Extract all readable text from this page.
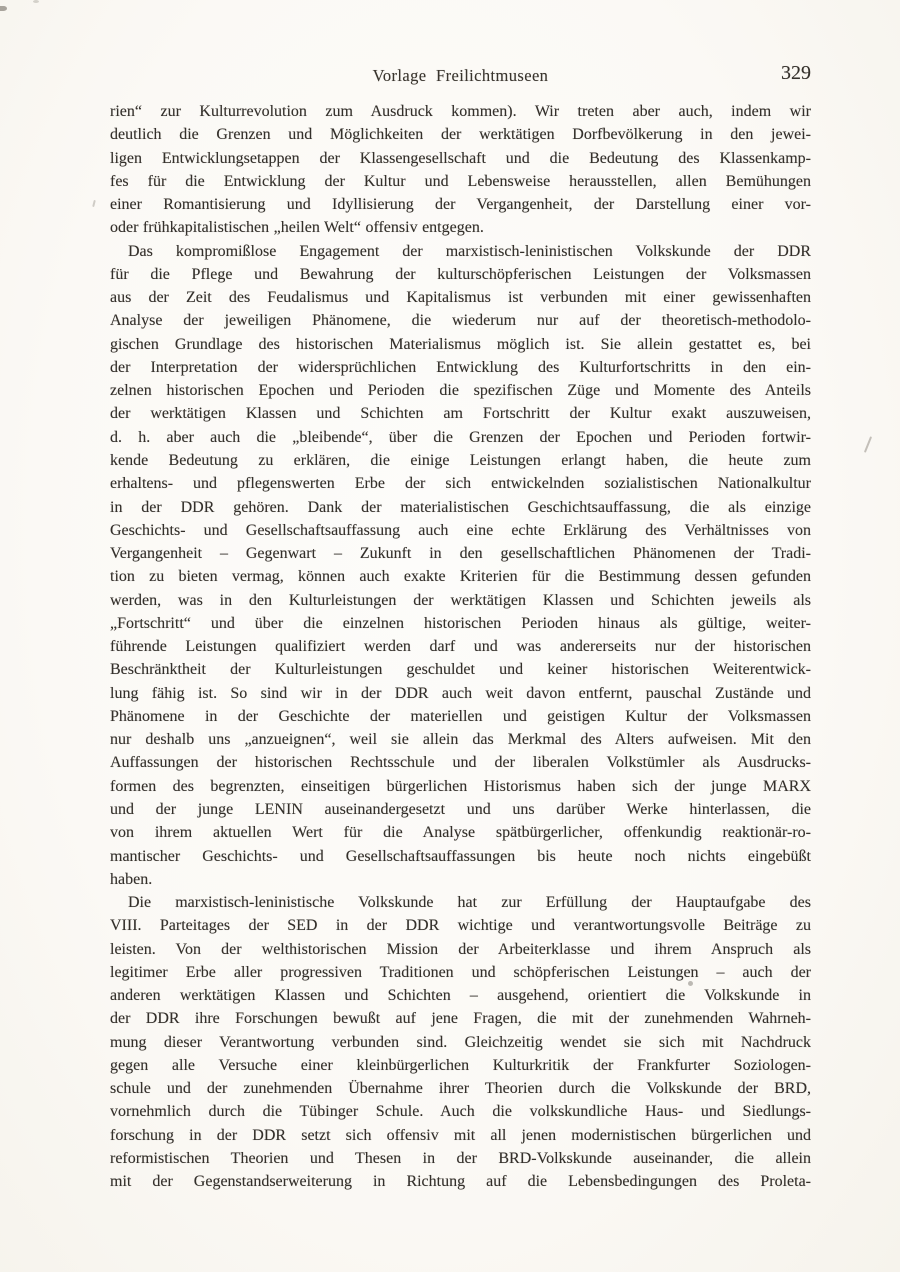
Vorlage Freilichtmuseen	329
rien“ zur Kulturrevolution zum Ausdruck kommen). Wir treten aber auch, indem wir
deutlich die Grenzen und Möglichkeiten der werktätigen Dorfbevölkerung in den jewei-
ligen Entwicklungsetappen der Klassengesellschaft und die Bedeutung des Klassenkamp-
fes für die Entwicklung der Kultur und Lebensweise herausstellen, allen Bemühungen
einer Romantisierung und Idyllisierung der Vergangenheit, der Darstellung einer vor-
oder frühkapitalistischen „heilen Welt“ offensiv entgegen.
Das kompromißlose Engagement der marxistisch-leninistischen Volkskunde der DDR
für die Pflege und Bewahrung der kulturschöpferischen Leistungen der Volksmassen
aus der Zeit des Feudalismus und Kapitalismus ist verbunden mit einer gewissenhaften
Analyse der jeweiligen Phänomene, die wiederum nur auf der theoretisch-methodolo-
gischen Grundlage des historischen Materialismus möglich ist. Sie allein gestattet es, bei
der Interpretation der widersprüchlichen Entwicklung des Kulturfortschritts in den ein-
zelnen historischen Epochen und Perioden die spezifischen Züge und Momente des Anteils
der werktätigen Klassen und Schichten am Fortschritt der Kultur exakt auszuweisen,
d. h. aber auch die „bleibende“, über die Grenzen der Epochen und Perioden fortwir-
kende Bedeutung zu erklären, die einige Leistungen erlangt haben, die heute zum
erhaltens- und pflegenswerten Erbe der sich entwickelnden sozialistischen Nationalkultur
in der DDR gehören. Dank der materialistischen Geschichtsauffassung, die als einzige
Geschichts- und Gesellschaftsauffassung auch eine echte Erklärung des Verhältnisses von
Vergangenheit – Gegenwart – Zukunft in den gesellschaftlichen Phänomenen der Tradi-
tion zu bieten vermag, können auch exakte Kriterien für die Bestimmung dessen gefunden
werden, was in den Kulturleistungen der werktätigen Klassen und Schichten jeweils als
„Fortschritt“ und über die einzelnen historischen Perioden hinaus als gültige, weiter-
führende Leistungen qualifiziert werden darf und was andererseits nur der historischen
Beschränktheit der Kulturleistungen geschuldet und keiner historischen Weiterentwick-
lung fähig ist. So sind wir in der DDR auch weit davon entfernt, pauschal Zustände und
Phänomene in der Geschichte der materiellen und geistigen Kultur der Volksmassen
nur deshalb uns „anzueignen“, weil sie allein das Merkmal des Alters aufweisen. Mit den
Auffassungen der historischen Rechtsschule und der liberalen Volkstümler als Ausdrucks-
formen des begrenzten, einseitigen bürgerlichen Historismus haben sich der junge MARX
und der junge LENIN auseinandergesetzt und uns darüber Werke hinterlassen, die
von ihrem aktuellen Wert für die Analyse spätbürgerlicher, offenkundig reaktionär-ro-
mantischer Geschichts- und Gesellschaftsauffassungen bis heute noch nichts eingebüßt
haben.
Die marxistisch-leninistische Volkskunde hat zur Erfüllung der Hauptaufgabe des
VIII. Parteitages der SED in der DDR wichtige und verantwortungsvolle Beiträge zu
leisten. Von der welthistorischen Mission der Arbeiterklasse und ihrem Anspruch als
legitimer Erbe aller progressiven Traditionen und schöpferischen Leistungen – auch der
anderen werktätigen Klassen und Schichten – ausgehend, orientiert die Volkskunde in
der DDR ihre Forschungen bewußt auf jene Fragen, die mit der zunehmenden Wahrneh-
mung dieser Verantwortung verbunden sind. Gleichzeitig wendet sie sich mit Nachdruck
gegen alle Versuche einer kleinbürgerlichen Kulturkritik der Frankfurter Soziologen-
schule und der zunehmenden Übernahme ihrer Theorien durch die Volkskunde der BRD,
vornehmlich durch die Tübinger Schule. Auch die volkskundliche Haus- und Siedlungs-
forschung in der DDR setzt sich offensiv mit all jenen modernistischen bürgerlichen und
reformistischen Theorien und Thesen in der BRD-Volkskunde auseinander, die allein
mit der Gegenstandserweiterung in Richtung auf die Lebensbedingungen des Proleta-
